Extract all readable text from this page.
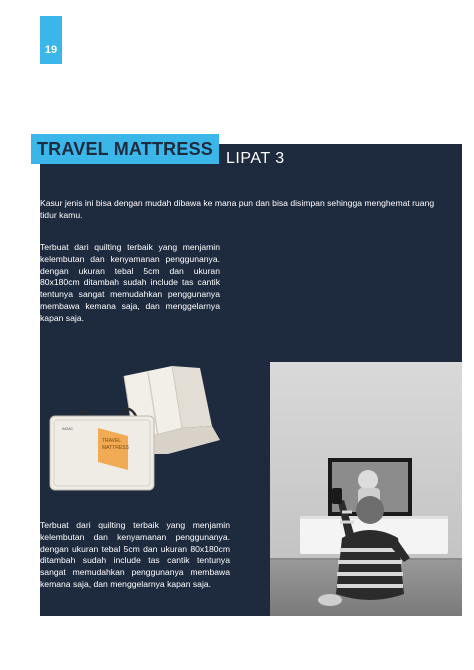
19
TRAVEL MATTRESS LIPAT 3

Kasur jenis ini bisa dengan mudah dibawa ke mana pun dan bisa disimpan sehingga menghemat ruang tidur kamu.

Terbuat dari quilting terbaik yang menjamin kelembutan dan kenyamanan penggunanya. dengan ukuran tebal 5cm dan ukuran 80x180cm ditambah sudah include tas cantik tentunya sangat memudahkan penggunanya membawa kemana saja, dan menggelarnya kapan saja.

TRAVEL
MATTRESS
INOAC

Terbuat dari quilting terbaik yang menjamin kelembutan dan kenyamanan penggunanya. dengan ukuran tebal 5cm dan ukuran 80x180cm ditambah sudah include tas cantik tentunya sangat memudahkan penggunanya membawa kemana saja, dan menggelarnya kapan saja.
